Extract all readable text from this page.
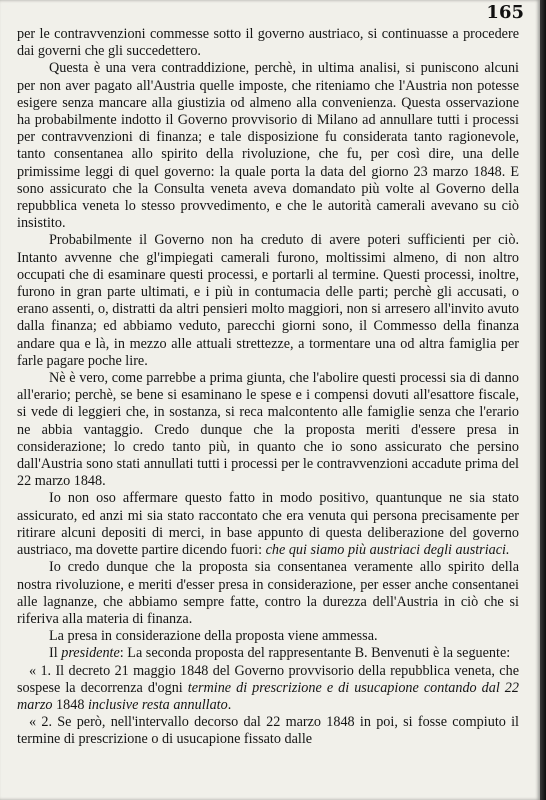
165

per le contravvenzioni commesse sotto il governo austriaco, si continuasse a procedere dai governi che gli succedettero.

Questa è una vera contraddizione, perchè, in ultima analisi, si puniscono alcuni per non aver pagato all'Austria quelle imposte, che riteniamo che l'Austria non potesse esigere senza mancare alla giustizia od almeno alla convenienza. Questa osservazione ha probabilmente indotto il Governo provvisorio di Milano ad annullare tutti i processi per contravvenzioni di finanza; e tale disposizione fu considerata tanto ragionevole, tanto consentanea allo spirito della rivoluzione, che fu, per così dire, una delle primissime leggi di quel governo: la quale porta la data del giorno 23 marzo 1848. E sono assicurato che la Consulta veneta aveva domandato più volte al Governo della repubblica veneta lo stesso provvedimento, e che le autorità camerali avevano su ciò insistito.

Probabilmente il Governo non ha creduto di avere poteri sufficienti per ciò. Intanto avvenne che gl'impiegati camerali furono, moltissimi almeno, di non altro occupati che di esaminare questi processi, e portarli al termine. Questi processi, inoltre, furono in gran parte ultimati, e i più in contumacia delle parti; perchè gli accusati, o erano assenti, o, distratti da altri pensieri molto maggiori, non si arresero all'invito avuto dalla finanza; ed abbiamo veduto, parecchi giorni sono, il Commesso della finanza andare qua e là, in mezzo alle attuali strettezze, a tormentare una od altra famiglia per farle pagare poche lire.

Nè è vero, come parrebbe a prima giunta, che l'abolire questi processi sia di danno all'erario; perchè, se bene si esaminano le spese e i compensi dovuti all'esattore fiscale, si vede di leggieri che, in sostanza, si reca malcontento alle famiglie senza che l'erario ne abbia vantaggio. Credo dunque che la proposta meriti d'essere presa in considerazione; lo credo tanto più, in quanto che io sono assicurato che persino dall'Austria sono stati annullati tutti i processi per le contravvenzioni accadute prima del 22 marzo 1848.

Io non oso affermare questo fatto in modo positivo, quantunque ne sia stato assicurato, ed anzi mi sia stato raccontato che era venuta qui persona precisamente per ritirare alcuni depositi di merci, in base appunto di questa deliberazione del governo austriaco, ma dovette partire dicendo fuori: che qui siamo più austriaci degli austriaci.

Io credo dunque che la proposta sia consentanea veramente allo spirito della nostra rivoluzione, e meriti d'esser presa in considerazione, per esser anche consentanei alle lagnanze, che abbiamo sempre fatte, contro la durezza dell'Austria in ciò che si riferiva alla materia di finanza.

La presa in considerazione della proposta viene ammessa.

Il presidente: La seconda proposta del rappresentante B. Benvenuti è la seguente:

« 1. Il decreto 21 maggio 1848 del Governo provvisorio della repubblica veneta, che sospese la decorrenza d'ogni termine di prescrizione e di usucapione contando dal 22 marzo 1848 inclusive resta annullato.

« 2. Se però, nell'intervallo decorso dal 22 marzo 1848 in poi, si fosse compiuto il termine di prescrizione o di usucapione fissato dalle
